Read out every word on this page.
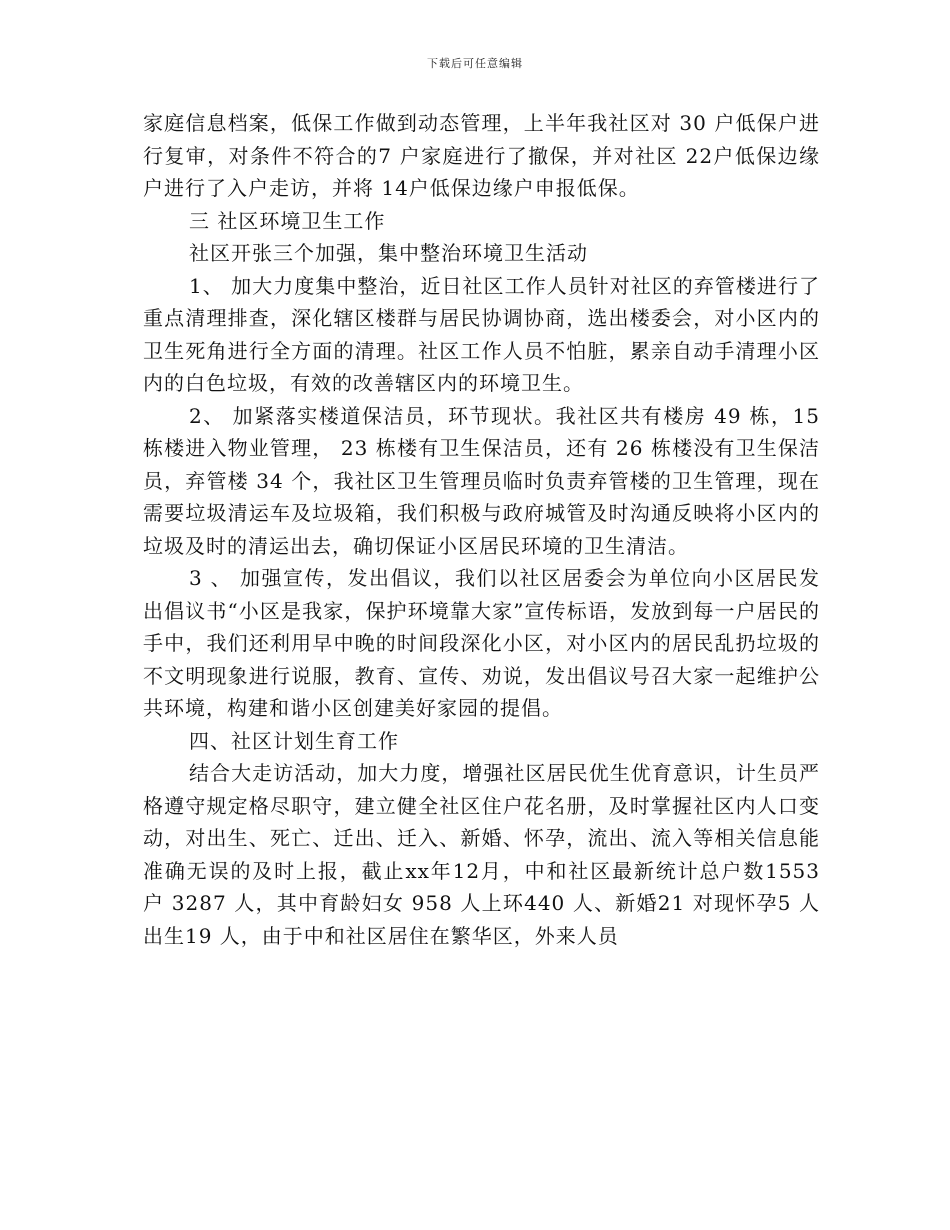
下载后可任意编辑

家庭信息档案，低保工作做到动态管理，上半年我社区对 30 户低保户进行复审，对条件不符合的7 户家庭进行了撤保，并对社区 22户低保边缘户进行了入户走访，并将 14户低保边缘户申报低保。

三 社区环境卫生工作

社区开张三个加强，集中整治环境卫生活动

1、 加大力度集中整治，近日社区工作人员针对社区的弃管楼进行了重点清理排查，深化辖区楼群与居民协调协商，选出楼委会，对小区内的卫生死角进行全方面的清理。社区工作人员不怕脏，累亲自动手清理小区内的白色垃圾，有效的改善辖区内的环境卫生。

2、 加紧落实楼道保洁员，环节现状。我社区共有楼房 49 栋，15 栋楼进入物业管理， 23 栋楼有卫生保洁员，还有 26 栋楼没有卫生保洁员，弃管楼 34 个，我社区卫生管理员临时负责弃管楼的卫生管理，现在需要垃圾清运车及垃圾箱，我们积极与政府城管及时沟通反映将小区内的垃圾及时的清运出去，确切保证小区居民环境的卫生清洁。

3 、 加强宣传，发出倡议，我们以社区居委会为单位向小区居民发出倡议书“小区是我家，保护环境靠大家”宣传标语，发放到每一户居民的手中，我们还利用早中晚的时间段深化小区，对小区内的居民乱扔垃圾的不文明现象进行说服，教育、宣传、劝说，发出倡议号召大家一起维护公共环境，构建和谐小区创建美好家园的提倡。

四、社区计划生育工作

结合大走访活动，加大力度，增强社区居民优生优育意识，计生员严格遵守规定格尽职守，建立健全社区住户花名册，及时掌握社区内人口变动，对出生、死亡、迁出、迁入、新婚、怀孕，流出、流入等相关信息能准确无误的及时上报，截止xx年12月，中和社区最新统计总户数1553 户 3287 人，其中育龄妇女 958 人上环440 人、新婚21 对现怀孕5 人出生19 人，由于中和社区居住在繁华区，外来人员
